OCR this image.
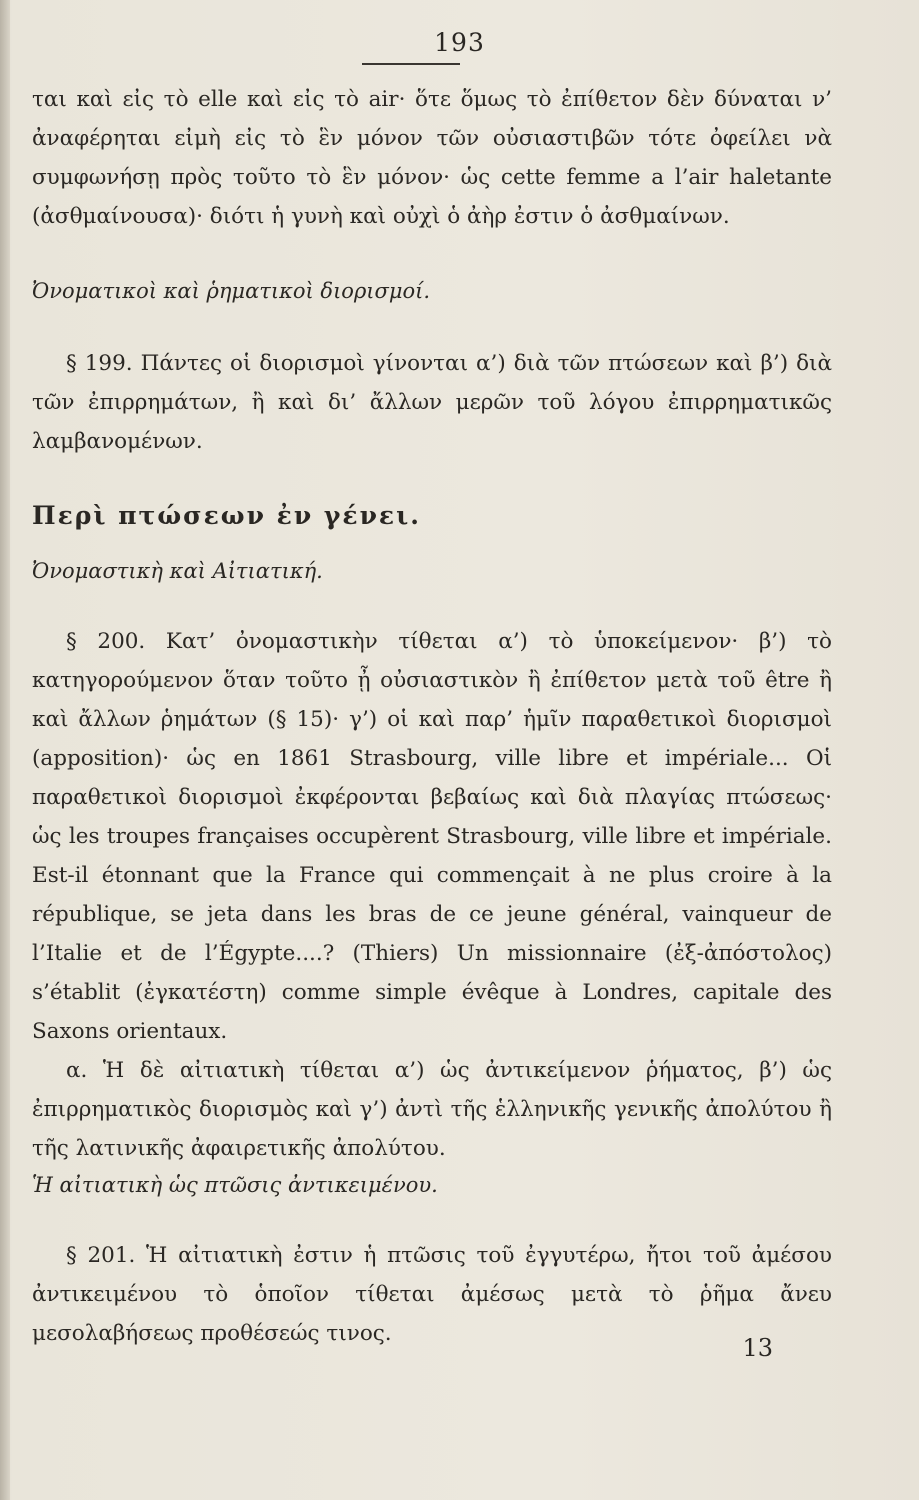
193

ται καὶ εἰς τὸ elle καὶ εἰς τὸ air· ὅτε ὅμως τὸ ἐπίθετον δὲν δύναται ν’ ἀναφέρηται εἰμὴ εἰς τὸ ἓν μόνον τῶν οὐσιαστιβῶν τότε ὀφείλει νὰ συμφωνήσῃ πρὸς τοῦτο τὸ ἓν μόνον· ὡς cette femme a l’air haletante (ἀσθμαίνουσα)· διότι ἡ γυνὴ καὶ οὐχὶ ὁ ἀὴρ ἐστιν ὁ ἀσθμαίνων.

Ὀνοματικοὶ καὶ ῥηματικοὶ διορισμοί.

§ 199. Πάντες οἱ διορισμοὶ γίνονται α’) διὰ τῶν πτώσεων καὶ β’) διὰ τῶν ἐπιρρημάτων, ἢ καὶ δι’ ἄλλων μερῶν τοῦ λόγου ἐπιρρηματικῶς λαμβανομένων.

Περὶ πτώσεων ἐν γένει.

Ὀνομαστικὴ καὶ Αἰτιατική.

§ 200. Κατ’ ὀνομαστικὴν τίθεται α’) τὸ ὑποκείμενον· β’) τὸ κατηγορούμενον ὅταν τοῦτο ᾖ οὐσιαστικὸν ἢ ἐπίθετον μετὰ τοῦ être ἢ καὶ ἄλλων ῥημάτων (§ 15)· γ’) οἱ καὶ παρ’ ἡμῖν παραθετικοὶ διορισμοὶ (apposition)· ὡς en 1861 Strasbourg, ville libre et impériale... Οἱ παραθετικοὶ διορισμοὶ ἐκφέρονται βεβαίως καὶ διὰ πλαγίας πτώσεως· ὡς les troupes françaises occupèrent Strasbourg, ville libre et impériale. Est-il étonnant que la France qui commençait à ne plus croire à la république, se jeta dans les bras de ce jeune général, vainqueur de l’Italie et de l’Égypte....? (Thiers) Un missionnaire (ἐξ-ἀπόστολος) s’établit (ἐγκατέστη) comme simple évêque à Londres, capitale des Saxons orientaux.

α. Ἡ δὲ αἰτιατικὴ τίθεται α’) ὡς ἀντικείμενον ῥήματος, β’) ὡς ἐπιρρηματικὸς διορισμὸς καὶ γ’) ἀντὶ τῆς ἑλληνικῆς γενικῆς ἀπολύτου ἢ τῆς λατινικῆς ἀφαιρετικῆς ἀπολύτου.

Ἡ αἰτιατικὴ ὡς πτῶσις ἀντικειμένου.

§ 201. Ἡ αἰτιατικὴ ἐστιν ἡ πτῶσις τοῦ ἐγγυτέρω, ἤτοι τοῦ ἀμέσου ἀντικειμένου τὸ ὁποῖον τίθεται ἀμέσως μετὰ τὸ ῥῆμα ἄνευ μεσολαβήσεως προθέσεώς τινος.

13
